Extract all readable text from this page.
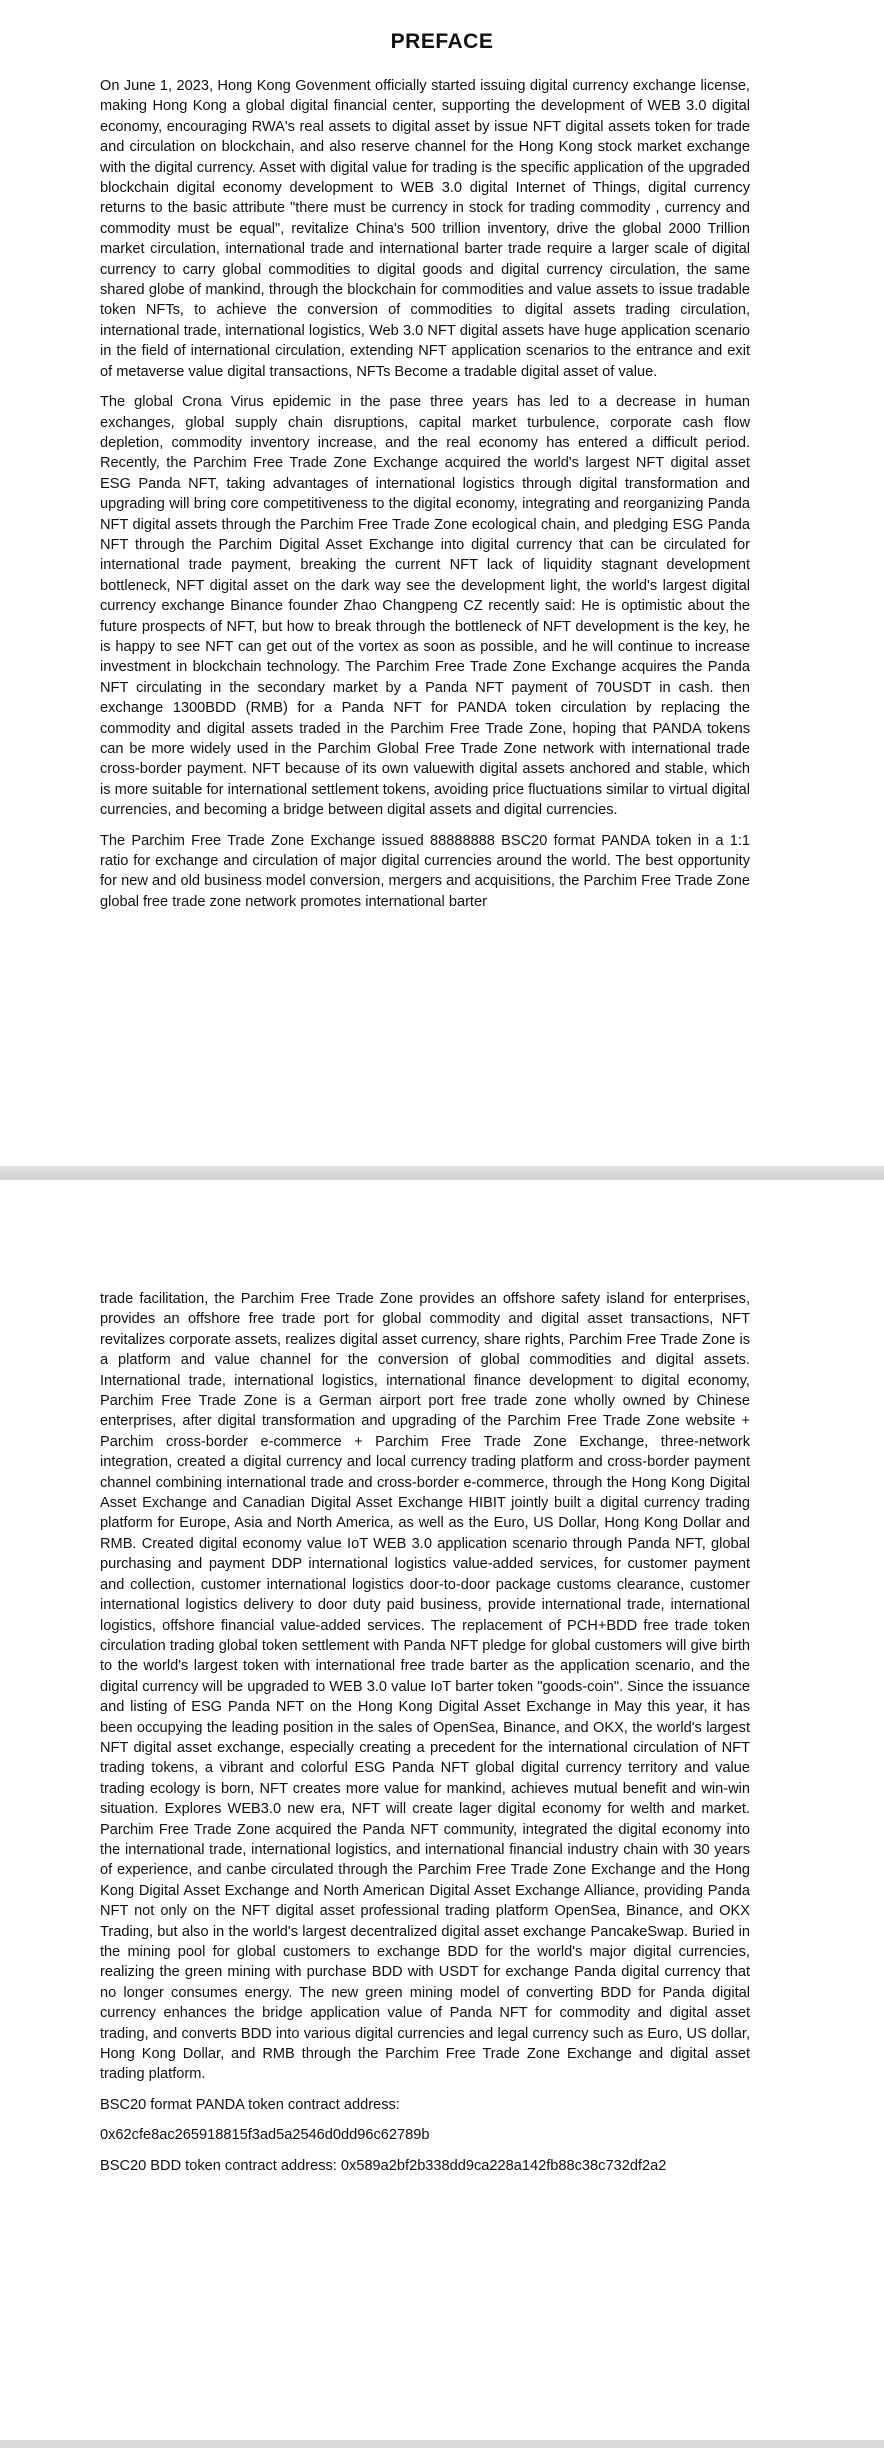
PREFACE

On June 1, 2023, Hong Kong Govenment officially started issuing digital currency exchange license, making Hong Kong a global digital financial center, supporting the development of WEB 3.0 digital economy, encouraging RWA's real assets to digital asset by issue NFT digital assets token for trade and circulation on blockchain, and also reserve channel for the Hong Kong stock market exchange with the digital currency. Asset with digital value for trading is the specific application of the upgraded blockchain digital economy development to WEB 3.0 digital Internet of Things, digital currency returns to the basic attribute "there must be currency in stock for trading commodity , currency and commodity must be equal", revitalize China's 500 trillion inventory, drive the global 2000 Trillion market circulation, international trade and international barter trade require a larger scale of digital currency to carry global commodities to digital goods and digital currency circulation, the same shared globe of mankind, through the blockchain for commodities and value assets to issue tradable token NFTs, to achieve the conversion of commodities to digital assets trading circulation, international trade, international logistics, Web 3.0 NFT digital assets have huge application scenario in the field of international circulation, extending NFT application scenarios to the entrance and exit of metaverse value digital transactions, NFTs Become a tradable digital asset of value.

The global Crona Virus epidemic in the pase three years has led to a decrease in human exchanges, global supply chain disruptions, capital market turbulence, corporate cash flow depletion, commodity inventory increase, and the real economy has entered a difficult period. Recently, the Parchim Free Trade Zone Exchange acquired the world's largest NFT digital asset ESG Panda NFT, taking advantages of international logistics through digital transformation and upgrading will bring core competitiveness to the digital economy, integrating and reorganizing Panda NFT digital assets through the Parchim Free Trade Zone ecological chain, and pledging ESG Panda NFT through the Parchim Digital Asset Exchange into digital currency that can be circulated for international trade payment, breaking the current NFT lack of liquidity stagnant development bottleneck, NFT digital asset on the dark way see the development light, the world's largest digital currency exchange Binance founder Zhao Changpeng CZ recently said: He is optimistic about the future prospects of NFT, but how to break through the bottleneck of NFT development is the key, he is happy to see NFT can get out of the vortex as soon as possible, and he will continue to increase investment in blockchain technology. The Parchim Free Trade Zone Exchange acquires the Panda NFT circulating in the secondary market by a Panda NFT payment of 70USDT in cash. then exchange 1300BDD (RMB) for a Panda NFT for PANDA token circulation by replacing the commodity and digital assets traded in the Parchim Free Trade Zone, hoping that PANDA tokens can be more widely used in the Parchim Global Free Trade Zone network with international trade cross-border payment. NFT because of its own valuewith digital assets anchored and stable, which is more suitable for international settlement tokens, avoiding price fluctuations similar to virtual digital currencies, and becoming a bridge between digital assets and digital currencies.

The Parchim Free Trade Zone Exchange issued 88888888 BSC20 format PANDA token in a 1:1 ratio for exchange and circulation of major digital currencies around the world. The best opportunity for new and old business model conversion, mergers and acquisitions, the Parchim Free Trade Zone global free trade zone network promotes international barter

trade facilitation, the Parchim Free Trade Zone provides an offshore safety island for enterprises, provides an offshore free trade port for global commodity and digital asset transactions, NFT revitalizes corporate assets, realizes digital asset currency, share rights, Parchim Free Trade Zone is a platform and value channel for the conversion of global commodities and digital assets. International trade, international logistics, international finance development to digital economy, Parchim Free Trade Zone is a German airport port free trade zone wholly owned by Chinese enterprises, after digital transformation and upgrading of the Parchim Free Trade Zone website + Parchim cross-border e-commerce + Parchim Free Trade Zone Exchange, three-network integration, created a digital currency and local currency trading platform and cross-border payment channel combining international trade and cross-border e-commerce, through the Hong Kong Digital Asset Exchange and Canadian Digital Asset Exchange HIBIT jointly built a digital currency trading platform for Europe, Asia and North America, as well as the Euro, US Dollar, Hong Kong Dollar and RMB. Created digital economy value IoT WEB 3.0 application scenario through Panda NFT, global purchasing and payment DDP international logistics value-added services, for customer payment and collection, customer international logistics door-to-door package customs clearance, customer international logistics delivery to door duty paid business, provide international trade, international logistics, offshore financial value-added services. The replacement of PCH+BDD free trade token circulation trading global token settlement with Panda NFT pledge for global customers will give birth to the world's largest token with international free trade barter as the application scenario, and the digital currency will be upgraded to WEB 3.0 value IoT barter token "goods-coin". Since the issuance and listing of ESG Panda NFT on the Hong Kong Digital Asset Exchange in May this year, it has been occupying the leading position in the sales of OpenSea, Binance, and OKX, the world's largest NFT digital asset exchange, especially creating a precedent for the international circulation of NFT trading tokens, a vibrant and colorful ESG Panda NFT global digital currency territory and value trading ecology is born, NFT creates more value for mankind, achieves mutual benefit and win-win situation. Explores WEB3.0 new era, NFT will create lager digital economy for welth and market. Parchim Free Trade Zone acquired the Panda NFT community, integrated the digital economy into the international trade, international logistics, and international financial industry chain with 30 years of experience, and canbe circulated through the Parchim Free Trade Zone Exchange and the Hong Kong Digital Asset Exchange and North American Digital Asset Exchange Alliance, providing Panda NFT not only on the NFT digital asset professional trading platform OpenSea, Binance, and OKX Trading, but also in the world's largest decentralized digital asset exchange PancakeSwap. Buried in the mining pool for global customers to exchange BDD for the world's major digital currencies, realizing the green mining with purchase BDD with USDT for exchange Panda digital currency that no longer consumes energy. The new green mining model of converting BDD for Panda digital currency enhances the bridge application value of Panda NFT for commodity and digital asset trading, and converts BDD into various digital currencies and legal currency such as Euro, US dollar, Hong Kong Dollar, and RMB through the Parchim Free Trade Zone Exchange and digital asset trading platform.

BSC20 format PANDA token contract address:
0x62cfe8ac265918815f3ad5a2546d0dd96c62789b
BSC20 BDD token contract address: 0x589a2bf2b338dd9ca228a142fb88c38c732df2a2
